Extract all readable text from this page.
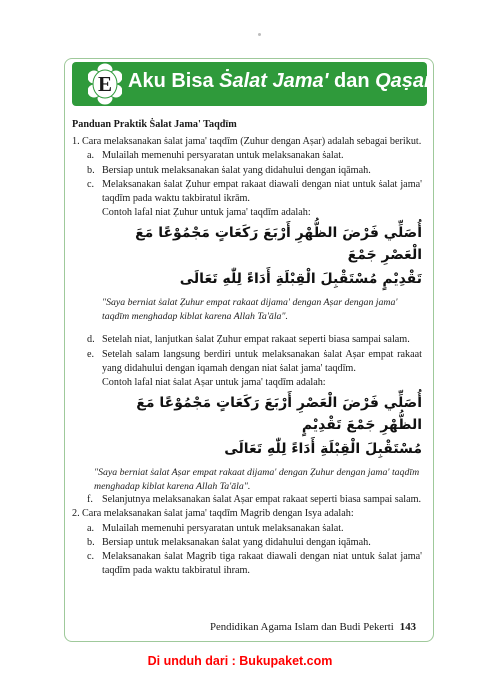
E Aku Bisa Ṡalat Jama' dan Qaṣar

Panduan Praktik Ṡalat Jama' Taqdīm

1. Cara melaksanakan ṡalat jama' taqdīm (Zuhur dengan Aṣar) adalah sebagai berikut.
a. Mulailah memenuhi persyaratan untuk melaksanakan ṡalat.
b. Bersiap untuk melaksanakan ṡalat yang didahului dengan iqāmah.
c. Melaksanakan ṡalat Ẓuhur empat rakaat diawali dengan niat untuk ṡalat jama' taqdīm pada waktu takbiratul ikrām.

Contoh lafal niat Ẓuhur untuk jama' taqdīm adalah:

أُصَلِّي فَرْضَ الظُّهْرِ أَرْبَعَ رَكَعَاتٍ مَجْمُوْعًا مَعَ الْعَصْرِ جَمْعَ

تَقْدِيْمٍ مُسْتَقْبِلَ الْقِبْلَةِ أَدَاءً لِلّٰهِ تَعَالَى

"Saya berniat ṡalat Ẓuhur empat rakaat dijama' dengan Aṣar dengan jama' taqdīm menghadap kiblat karena Allah Ta'āla".

d. Setelah niat, lanjutkan ṡalat Ẓuhur empat rakaat seperti biasa sampai salam.
e. Setelah salam langsung berdiri untuk melaksanakan ṡalat Aṣar empat rakaat yang didahului dengan iqamah dengan niat ṡalat jama' taqdīm.

Contoh lafal niat ṡalat Aṣar untuk jama' taqdīm adalah:

أُصَلِّي فَرْضَ الْعَصْرِ أَرْبَعَ رَكَعَاتٍ مَجْمُوْعًا مَعَ الظُّهْرِ جَمْعَ تَقْدِيْمٍ

مُسْتَقْبِلَ الْقِبْلَةِ أَدَاءً لِلّٰهِ تَعَالَى

"Saya berniat ṡalat Aṣar empat rakaat dijama' dengan Ẓuhur dengan jama' taqdīm menghadap kiblat karena Allah Ta'āla".

f. Selanjutnya melaksanakan ṡalat Aṣar empat rakaat seperti biasa sampai salam.
2. Cara melaksanakan ṡalat jama' taqdīm Magrib dengan Isya adalah:
a. Mulailah memenuhi persyaratan untuk melaksanakan ṡalat.
b. Bersiap untuk melaksanakan ṡalat yang didahului dengan iqāmah.
c. Melaksanakan ṡalat Magrib tiga rakaat diawali dengan niat untuk ṡalat jama' taqdīm pada waktu takbiratul ihram.
Pendidikan Agama Islam dan Budi Pekerti 143
Di unduh dari : Bukupaket.com
